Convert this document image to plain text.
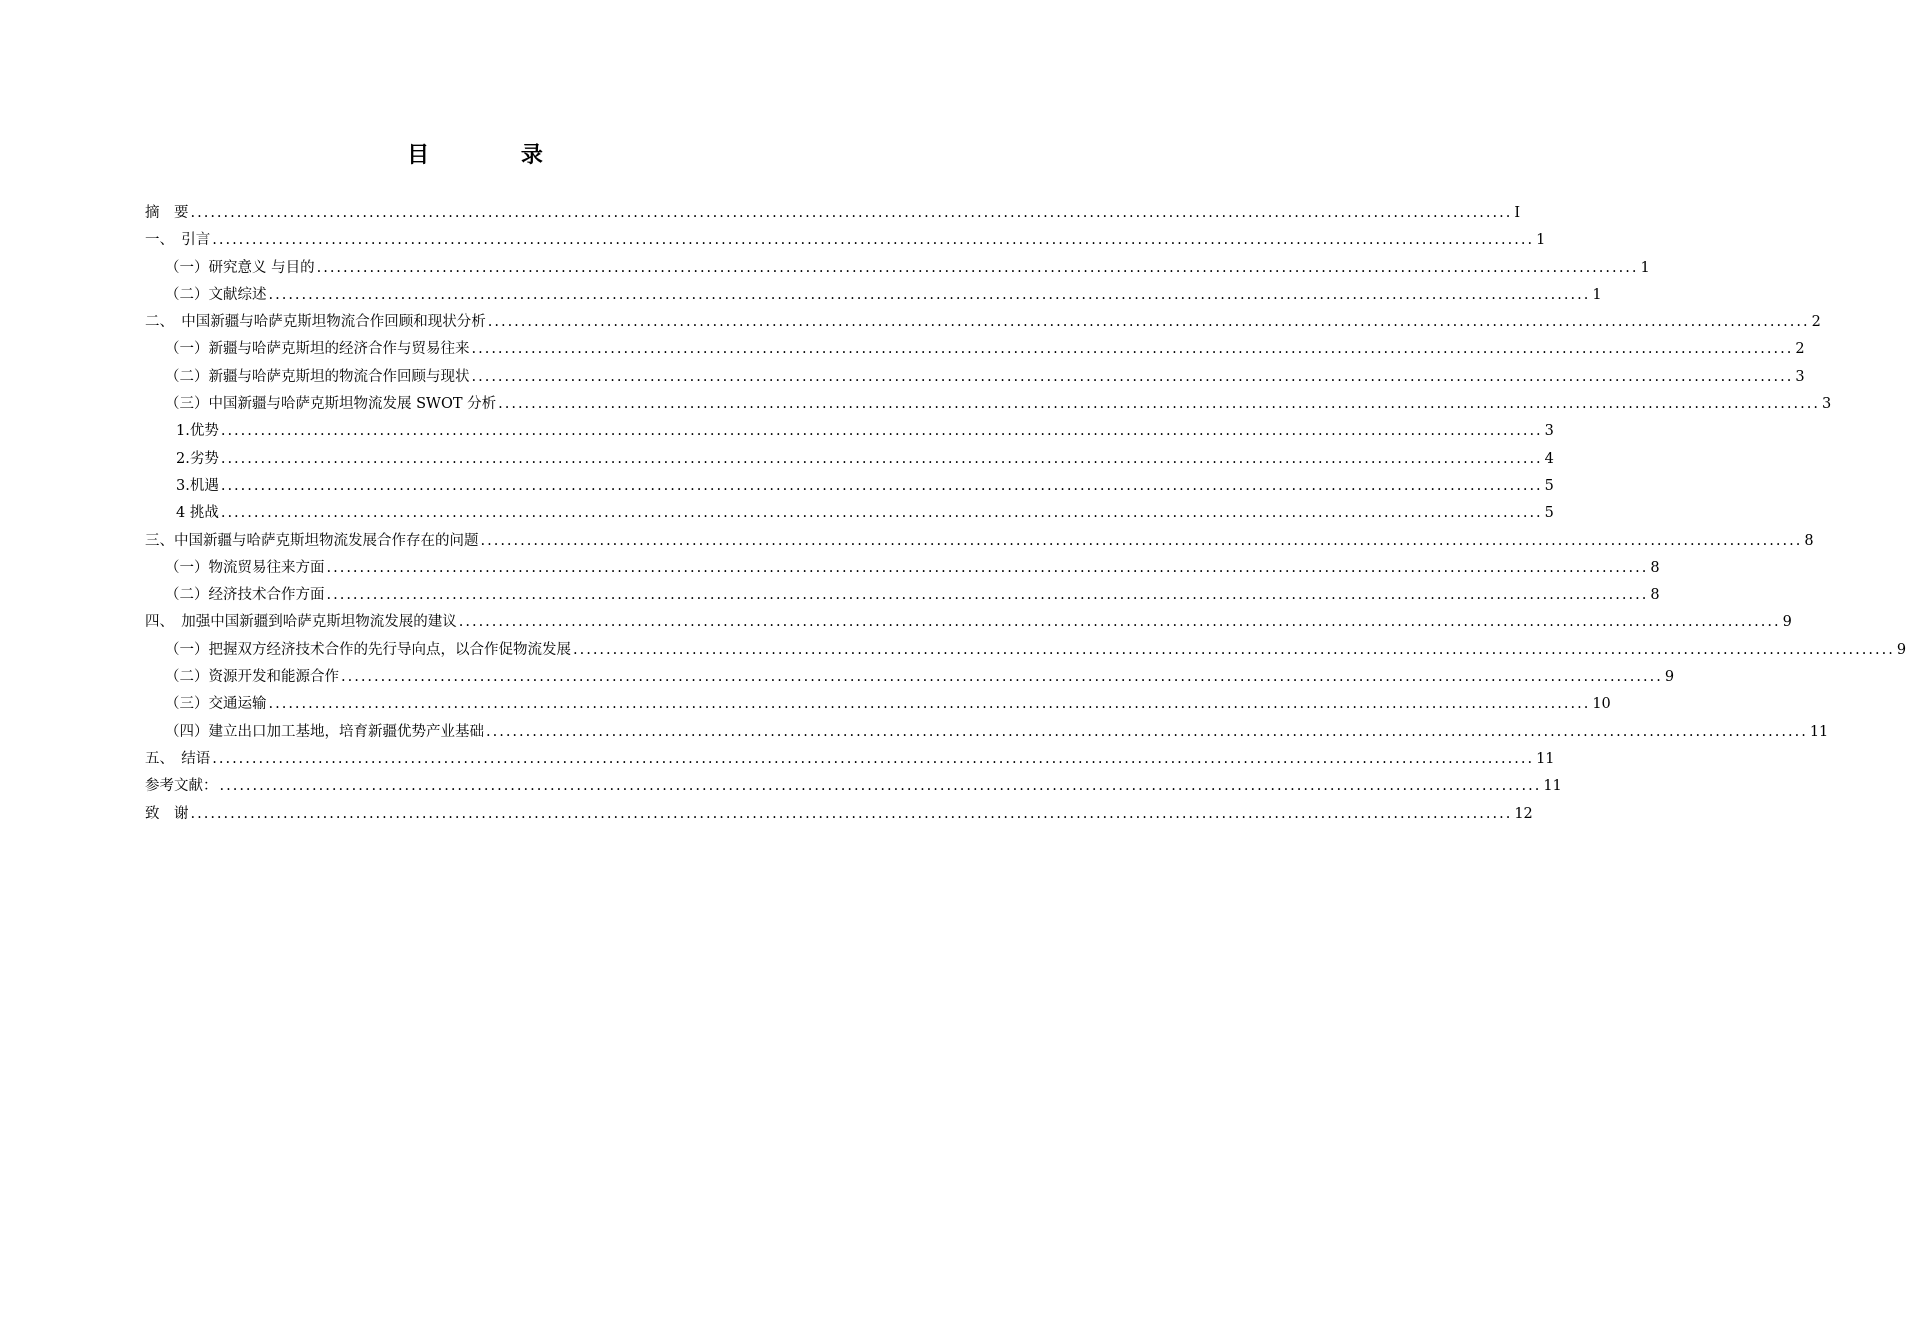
目 录
摘　要 ........................................................................................................................................................................................................ I
一、　引言 ........................................................................................................................................................................................................ 1
（一）研究意义 与目的 ........................................................................................................................................................................................................ 1
（二）文献综述 ........................................................................................................................................................................................................ 1
二、　中国新疆与哈萨克斯坦物流合作回顾和现状分析 ........................................................................................................................................................................................................ 2
（一）新疆与哈萨克斯坦的经济合作与贸易往来 ........................................................................................................................................................................................................ 2
（二）新疆与哈萨克斯坦的物流合作回顾与现状 ........................................................................................................................................................................................................ 3
（三）中国新疆与哈萨克斯坦物流发展 SWOT 分析 ........................................................................................................................................................................................................ 3
1.优势 ........................................................................................................................................................................................................ 3
2.劣势 ........................................................................................................................................................................................................ 4
3.机遇 ........................................................................................................................................................................................................ 5
4 挑战 ........................................................................................................................................................................................................ 5
三、中国新疆与哈萨克斯坦物流发展合作存在的问题 ........................................................................................................................................................................................................ 8
（一）物流贸易往来方面 ........................................................................................................................................................................................................ 8
（二）经济技术合作方面 ........................................................................................................................................................................................................ 8
四、　加强中国新疆到哈萨克斯坦物流发展的建议 ........................................................................................................................................................................................................ 9
（一）把握双方经济技术合作的先行导向点，以合作促物流发展 ........................................................................................................................................................................................................ 9
（二）资源开发和能源合作 ........................................................................................................................................................................................................ 9
（三）交通运输 ........................................................................................................................................................................................................ 10
（四）建立出口加工基地，培育新疆优势产业基础 ........................................................................................................................................................................................................ 11
五、　结语 ........................................................................................................................................................................................................ 11
参考文献： ........................................................................................................................................................................................................ 11
致　谢 ........................................................................................................................................................................................................ 12
